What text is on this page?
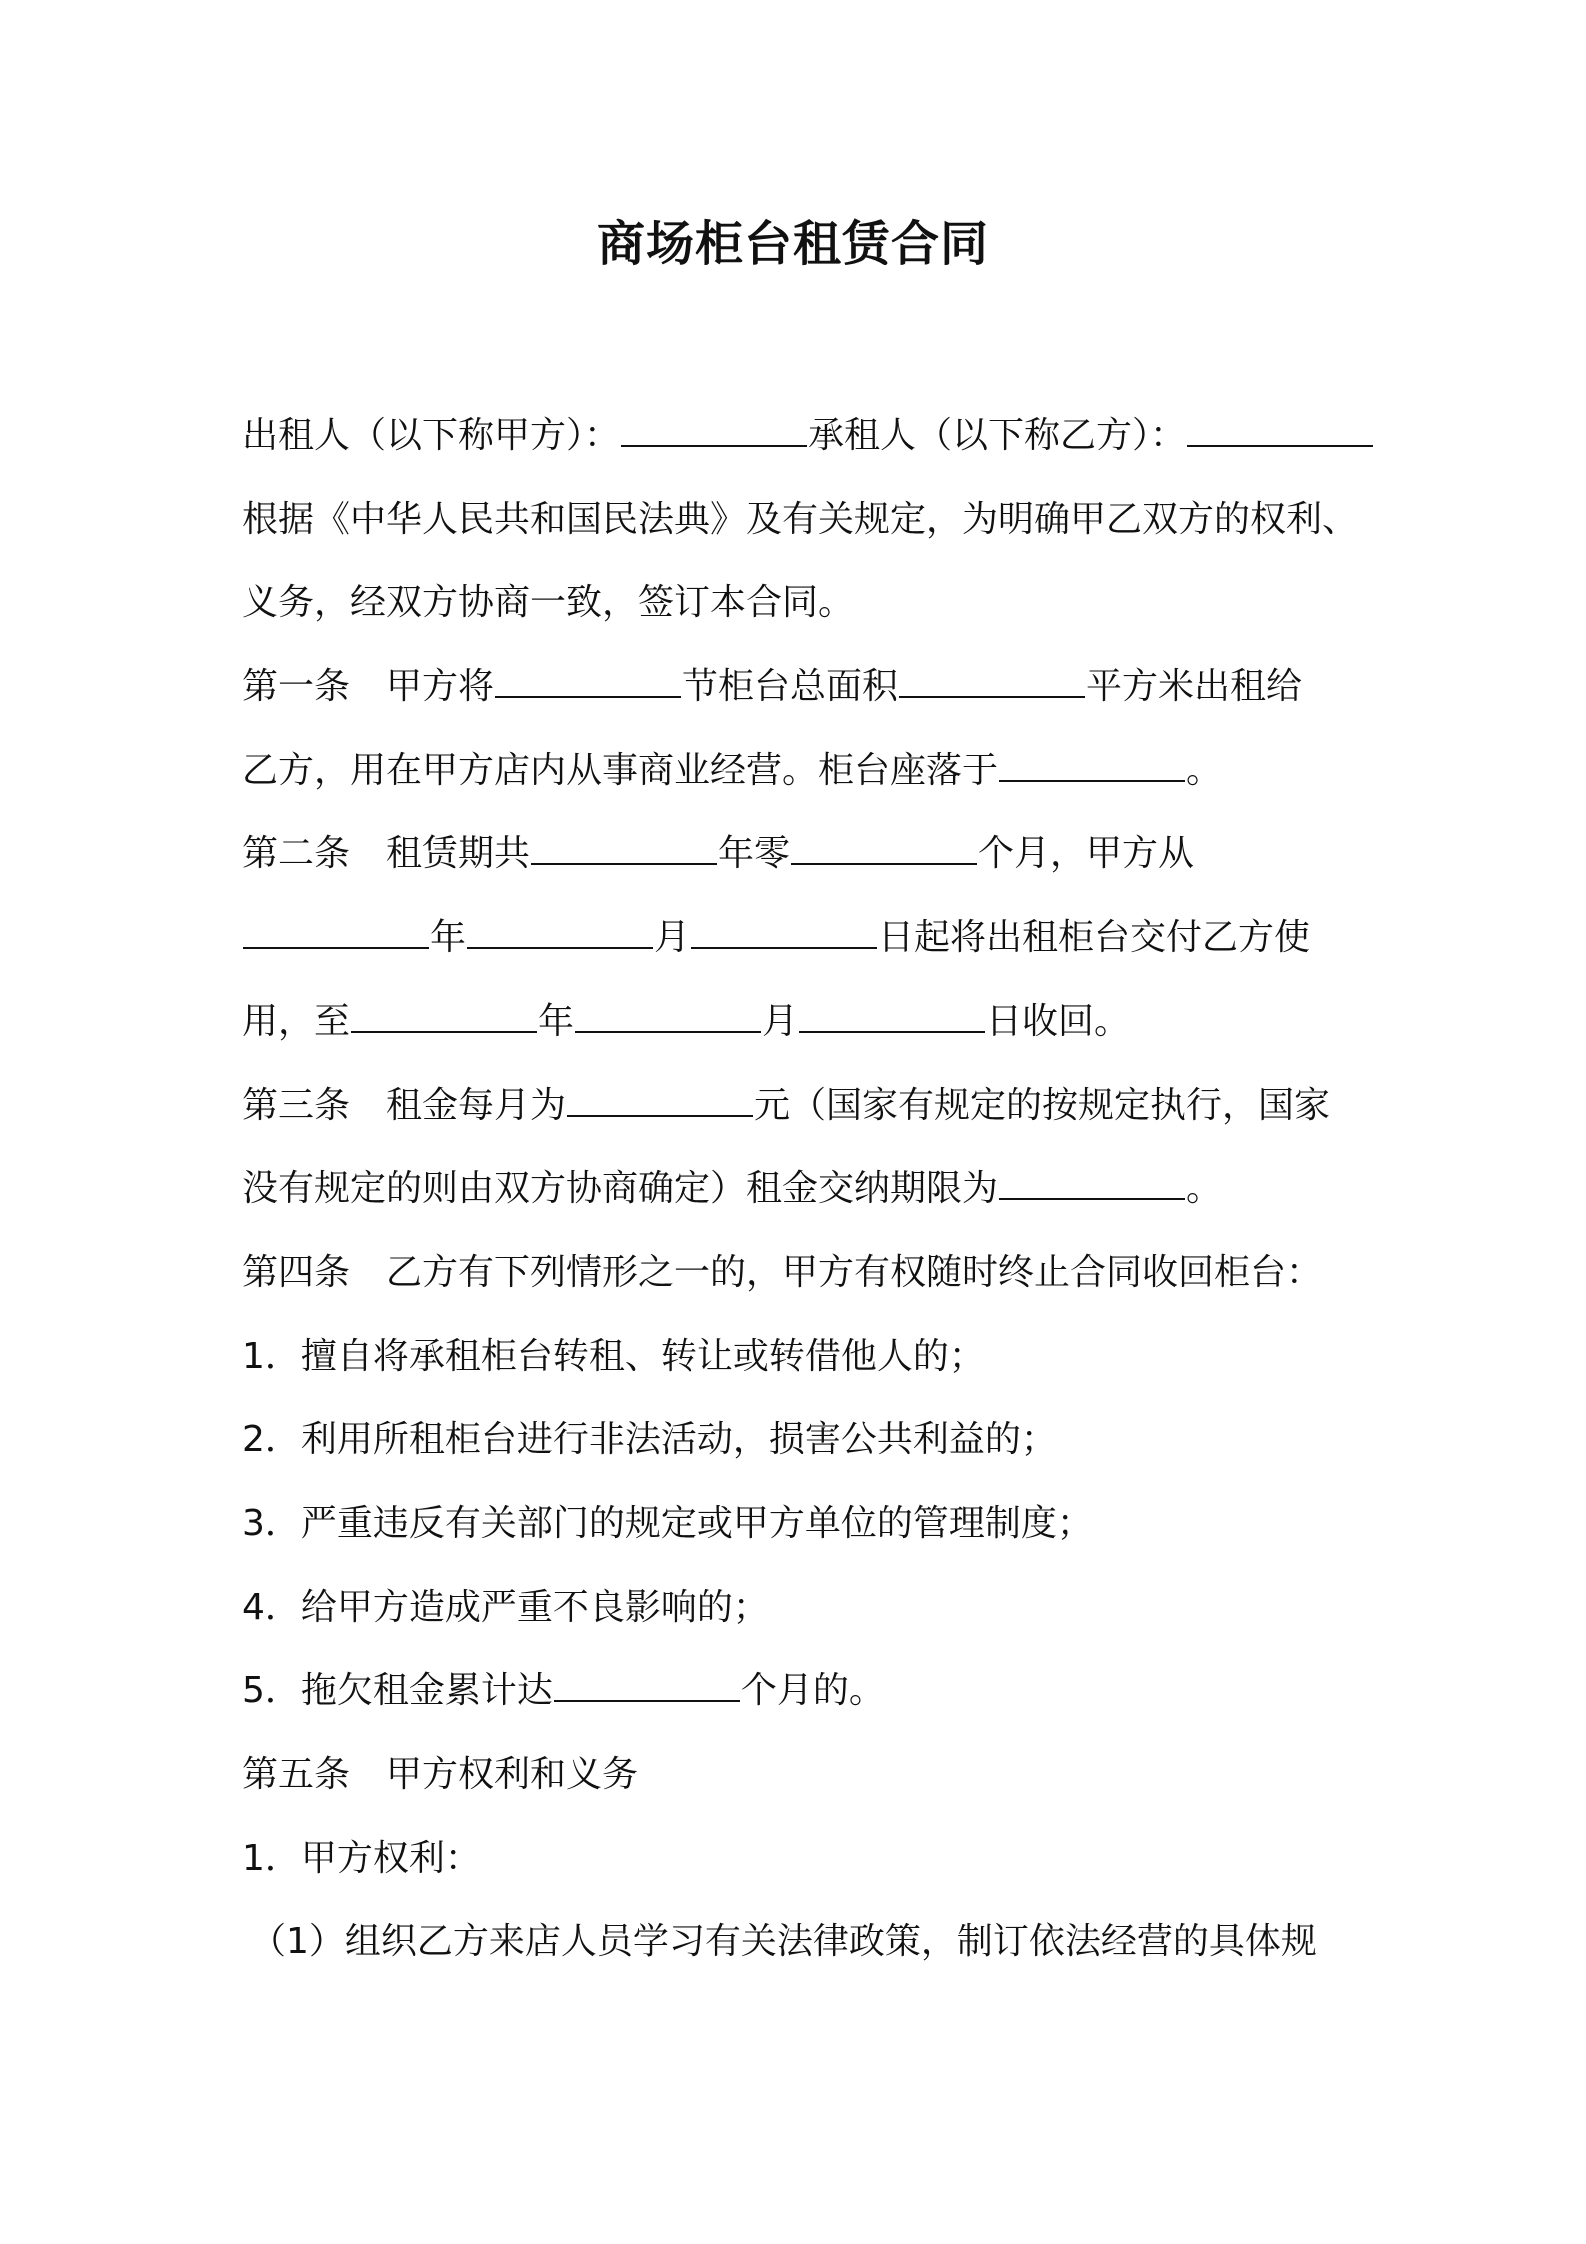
商场柜台租赁合同
出租人（以下称甲方）：	承租人（以下称乙方）：
根据《中华人民共和国民法典》及有关规定，为明确甲乙双方的权利、
义务，经双方协商一致，签订本合同。
第一条　甲方将	节柜台总面积	平方米出租给
乙方，用在甲方店内从事商业经营。柜台座落于	。
第二条　租赁期共	年零	个月，甲方从
年	月	日起将出租柜台交付乙方使
用，至	年	月	日收回。
第三条　租金每月为	元（国家有规定的按规定执行，国家
没有规定的则由双方协商确定）租金交纳期限为	。
第四条　乙方有下列情形之一的，甲方有权随时终止合同收回柜台：
1．擅自将承租柜台转租、转让或转借他人的；
2．利用所租柜台进行非法活动，损害公共利益的；
3．严重违反有关部门的规定或甲方单位的管理制度；
4．给甲方造成严重不良影响的；
5．拖欠租金累计达	个月的。
第五条　甲方权利和义务
1．甲方权利：
（1）组织乙方来店人员学习有关法律政策，制订依法经营的具体规
